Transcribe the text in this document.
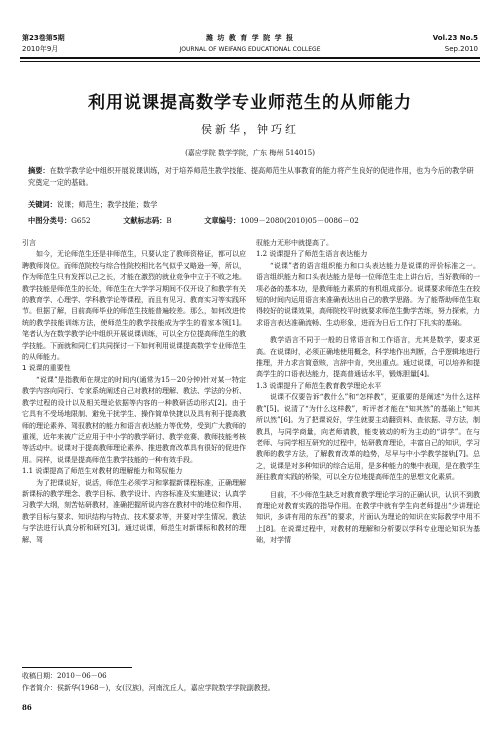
第23卷第5期
2010年9月
潍 坊 教 育 学 院 学 报
JOURNAL OF WEIFANG EDUCATIONAL COLLEGE
Vol.23 No.5
Sep.2010
利用说课提高数学专业师范生的从师能力
侯新华，钟巧红
(嘉应学院 数学学院，广东 梅州 514015)
摘要：在数学教学论中组织开展说课训练，对于培养师范生教学技能、提高师范生从事教育的能力将产生良好的促进作用，也为今后的教学研究奠定一定的基础。
关键词：说课；师范生；教学技能；数学
中图分类号：G652	文献标志码：B	文章编号：1009－2080(2010)05－0086－02

引言

如今，无论师范生还是非师范生，只要认定了教师资格证，都可以应聘教师岗位。而师范院校与综合性院校相比名气似乎又略逊一筹，所以，作为师范生只有发挥以己之长，才能在激烈的就业竞争中立于不败之地。教学技能是师范生的长处，师范生在大学学习期间不仅开设了和教学有关的教育学、心理学、学科教学论等课程，而且有见习、教育实习等实践环节。但据了解，目前高师毕业的师范生技能普遍较差。那么，如何改进传统的教学技能训练方法，使师范生的教学技能成为学生的看家本领[1]。笔者认为在数学教学论中组织开展说课训练，可以全方位提高师范生的教学技能。下面就和同仁们共同探讨一下如何利用说课提高数学专业师范生的从师能力。

1 说课的重要性

“说课”是指教师在规定的时间内(通常为15－20分钟)针对某一特定教学内容向同行、专家系统阐述自己对教材的理解、教法、学法的分析、教学过程的设计以及相关理论依据等内容的一种教研活动形式[2]。由于它具有不受场地限制、避免干扰学生、操作简单快捷以及具有利于提高教师的理论素养、驾驭教材的能力和语言表达能力等优势，受到广大教师的重视，近年来被广泛应用于中小学的教学研讨、教学竞赛、教师技能考核等活动中。说课对于提高教师理论素养、推进教育改革具有很好的促进作用。同样，说课是提高师范生教学技能的一种有效手段。

1.1 说课提高了师范生对教材的理解能力和驾驭能力

为了把课说好，说活，师范生必须学习和掌握新课程标准，正确理解新课标的教学理念、教学目标、教学设计、内容标准及实施建议；认真学习教学大纲，刻苦钻研教材，准确把握所说内容在教材中的地位和作用、教学目标与要求、知识结构与特点、技术要求等，并要对学生情况、教法与学法进行认真分析和研究[3]。通过说课，师范生对新课标和教材的理解、驾

驭能力无形中就提高了。

1.2 说课提升了师范生语言表达能力

“说课”者的语言组织能力和口头表达能力是说课的评价标准之一。语言组织能力和口头表达能力是每一位师范生走上讲台后，当好教师的一项必备的基本功，是教师能力素质的有机组成部分。说课要求师范生在较短的时间内运用语言来准确表达出自己的教学思路。为了能帮助师范生取得较好的说课效果，高师院校平时就要求师范生勤学苦练，努力探索，力求语言表达准确流畅、生动形象，进而为日后工作打下扎实的基础。

教学语言不同于一般的日常语言和工作语言，尤其是数学，要求更高。在说课时，必须正确地使用概念，科学地作出判断，合乎逻辑地进行推理，并力求言简意赅，言辞中肯，突出重点。通过说课，可以培养和提高学生的口语表达能力，提高普通话水平，锻炼胆量[4]。

1.3 说课提升了师范生教育教学理论水平

说课不仅要告诉“教什么”和“怎样教”，更重要的是阐述“为什么这样教”[5]。说清了“为什么这样教”，听评者才能在“知其然”的基础上“知其所以然”[6]。为了把课说好，学生就要主动翻资料、查依据、寻方法，制教具，与同学商量，向老师请教，能变被动的听为主动的“讲学”。在与老师、与同学相互研究的过程中，钻研教育理论，丰富自己的知识，学习教师的教学方法，了解教育改革的趋势，尽早与中小学教学接轨[7]。总之，说课是对多种知识的综合运用，是多种能力的集中表现，是在教学生涯往教育实践的桥梁，可以全方位地提高师范生的思想文化素质。

目前，不少师范生缺乏对教育教学理论学习的正确认识，认识不到教育理论对教育实践的指导作用。在教学中就有学生向老师提出“少讲理论知识，多讲有用的东西”的要求，片面认为理论的知识在实际教学中用不上[8]。在说课过程中，对教材的理解和分析要以学科专业理论知识为基础，对学情

收稿日期：2010－06－06
作者简介：侯新华(1968－)，女(汉族)，河南沈丘人，嘉应学院数学学院副教授。
86
